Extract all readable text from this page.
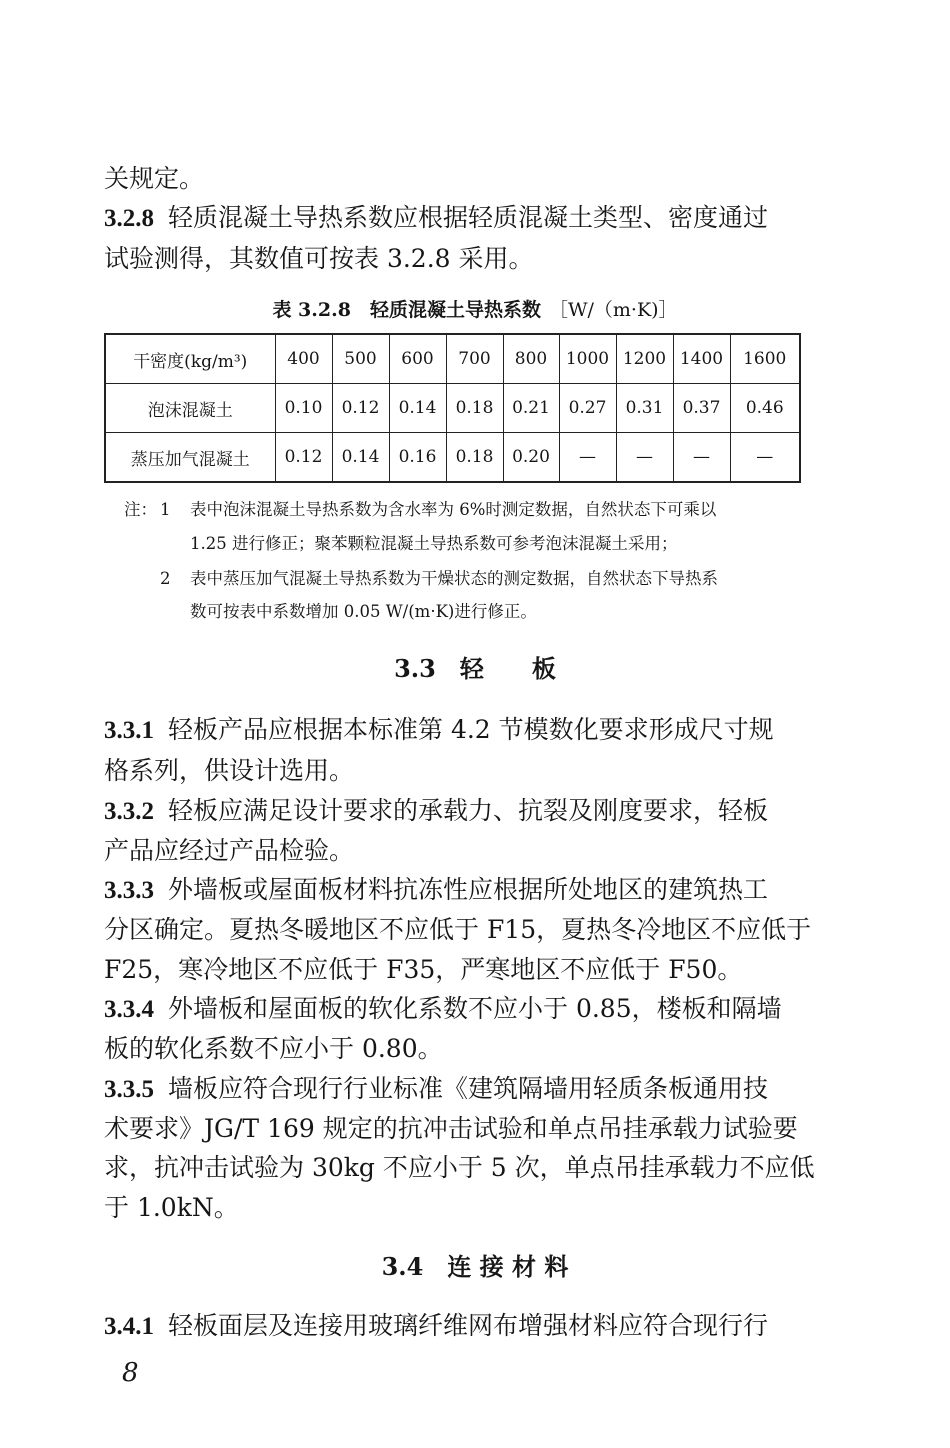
关规定。
3.2.8 轻质混凝土导热系数应根据轻质混凝土类型、密度通过
试验测得，其数值可按表 3.2.8 采用。
表 3.2.8　轻质混凝土导热系数 ［W/（m·K)］
干密度(kg/m³)	400	500	600	700	800	1000	1200	1400	1600
泡沫混凝土	0.10	0.12	0.14	0.18	0.21	0.27	0.31	0.37	0.46
蒸压加气混凝土	0.12	0.14	0.16	0.18	0.20	—	—	—	—
注： 1 表中泡沫混凝土导热系数为含水率为 6%时测定数据，自然状态下可乘以
1.25 进行修正；聚苯颗粒混凝土导热系数可参考泡沫混凝土采用；
2 表中蒸压加气混凝土导热系数为干燥状态的测定数据，自然状态下导热系
数可按表中系数增加 0.05 W/(m·K)进行修正。
3.3　轻　　板
3.3.1 轻板产品应根据本标准第 4.2 节模数化要求形成尺寸规
格系列，供设计选用。
3.3.2 轻板应满足设计要求的承载力、抗裂及刚度要求，轻板
产品应经过产品检验。
3.3.3 外墙板或屋面板材料抗冻性应根据所处地区的建筑热工
分区确定。夏热冬暖地区不应低于 F15，夏热冬冷地区不应低于
F25，寒冷地区不应低于 F35，严寒地区不应低于 F50。
3.3.4 外墙板和屋面板的软化系数不应小于 0.85，楼板和隔墙
板的软化系数不应小于 0.80。
3.3.5 墙板应符合现行行业标准《建筑隔墙用轻质条板通用技
术要求》JG/T 169 规定的抗冲击试验和单点吊挂承载力试验要
求，抗冲击试验为 30kg 不应小于 5 次，单点吊挂承载力不应低
于 1.0kN。
3.4　连 接 材 料
3.4.1 轻板面层及连接用玻璃纤维网布增强材料应符合现行行
8
